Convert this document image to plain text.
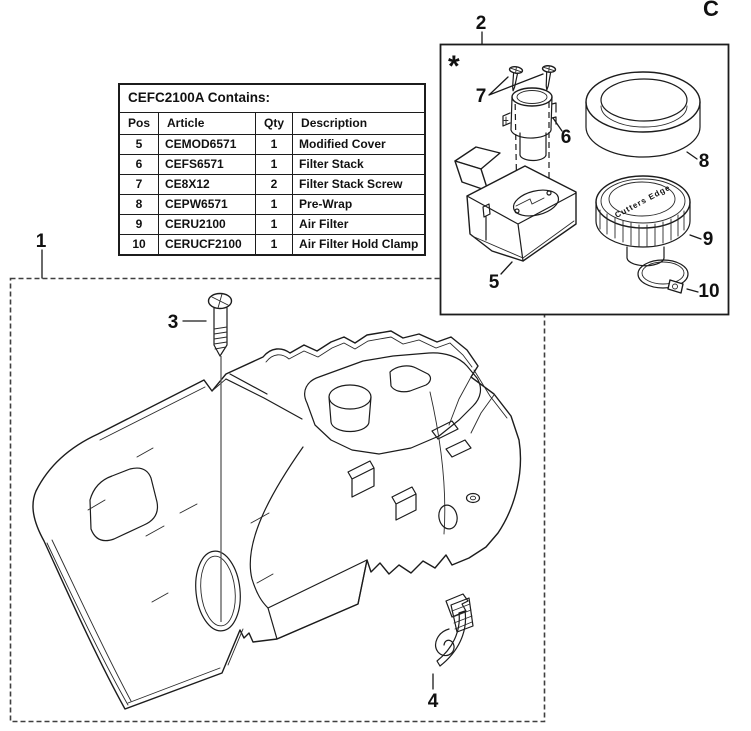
1
3
4
*
Cutters Edge
2
7
6
5
8
9
10
C
CEFC2100A Contains:			
Pos	Article	Qty	Description
5	CEMOD6571	1	Modified Cover
6	CEFS6571	1	Filter Stack
7	CE8X12	2	Filter Stack Screw
8	CEPW6571	1	Pre-Wrap
9	CERU2100	1	Air Filter
10	CERUCF2100	1	Air Filter Hold Clamp
